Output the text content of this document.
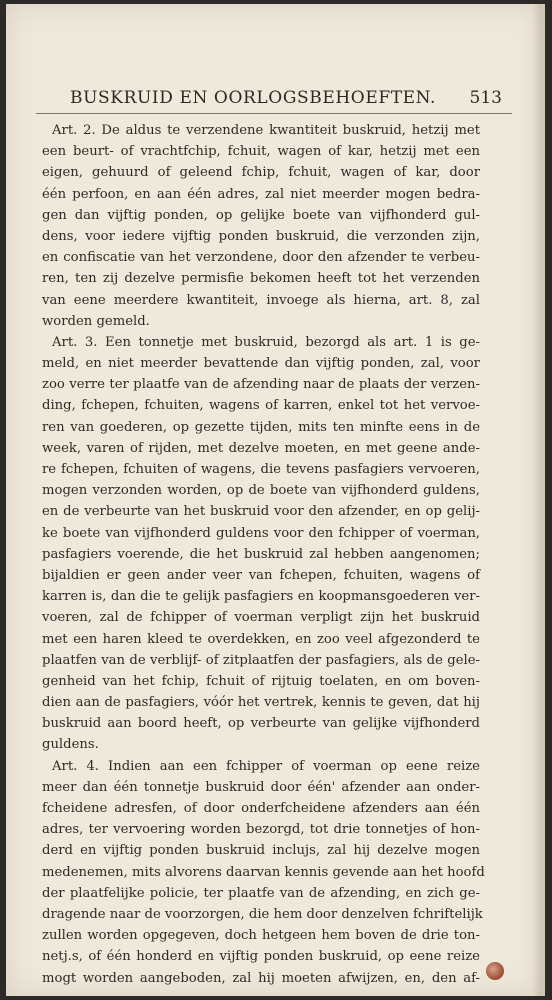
BUSKRUID EN OORLOGSBEHOEFTEN. 513
Art. 2. De aldus te verzendene kwantiteit buskruid, hetzij met
een beurt- of vrachtfchip, fchuit, wagen of kar, hetzij met een
eigen, gehuurd of geleend fchip, fchuit, wagen of kar, door
één perfoon, en aan één adres, zal niet meerder mogen bedra-
gen dan vijftig ponden, op gelijke boete van vijfhonderd gul-
dens, voor iedere vijftig ponden buskruid, die verzonden zijn,
en confiscatie van het verzondene, door den afzender te verbeu-
ren, ten zij dezelve permisfie bekomen heeft tot het verzenden
van eene meerdere kwantiteit, invoege als hierna, art. 8, zal
worden gemeld.
Art. 3. Een tonnetje met buskruid, bezorgd als art. 1 is ge-
meld, en niet meerder bevattende dan vijftig ponden, zal, voor
zoo verre ter plaatfe van de afzending naar de plaats der verzen-
ding, fchepen, fchuiten, wagens of karren, enkel tot het vervoe-
ren van goederen, op gezette tijden, mits ten minfte eens in de
week, varen of rijden, met dezelve moeten, en met geene ande-
re fchepen, fchuiten of wagens, die tevens pasfagiers vervoeren,
mogen verzonden worden, op de boete van vijfhonderd guldens,
en de verbeurte van het buskruid voor den afzender, en op gelij-
ke boete van vijfhonderd guldens voor den fchipper of voerman,
pasfagiers voerende, die het buskruid zal hebben aangenomen;
bijaldien er geen ander veer van fchepen, fchuiten, wagens of
karren is, dan die te gelijk pasfagiers en koopmansgoederen ver-
voeren, zal de fchipper of voerman verpligt zijn het buskruid
met een haren kleed te overdekken, en zoo veel afgezonderd te
plaatfen van de verblijf- of zitplaatfen der pasfagiers, als de gele-
genheid van het fchip, fchuit of rijtuig toelaten, en om boven-
dien aan de pasfagiers, vóór het vertrek, kennis te geven, dat hij
buskruid aan boord heeft, op verbeurte van gelijke vijfhonderd
guldens.
Art. 4. Indien aan een fchipper of voerman op eene reize
meer dan één tonnetje buskruid door één' afzender aan onder-
fcheidene adresfen, of door onderfcheidene afzenders aan één
adres, ter vervoering worden bezorgd, tot drie tonnetjes of hon-
derd en vijftig ponden buskruid inclujs, zal hij dezelve mogen
medenemen, mits alvorens daarvan kennis gevende aan het hoofd
der plaatfelijke policie, ter plaatfe van de afzending, en zich ge-
dragende naar de voorzorgen, die hem door denzelven fchriftelijk
zullen worden opgegeven, doch hetgeen hem boven de drie ton-
netj.s, of één honderd en vijftig ponden buskruid, op eene reize
mogt worden aangeboden, zal hij moeten afwijzen, en, den af-
